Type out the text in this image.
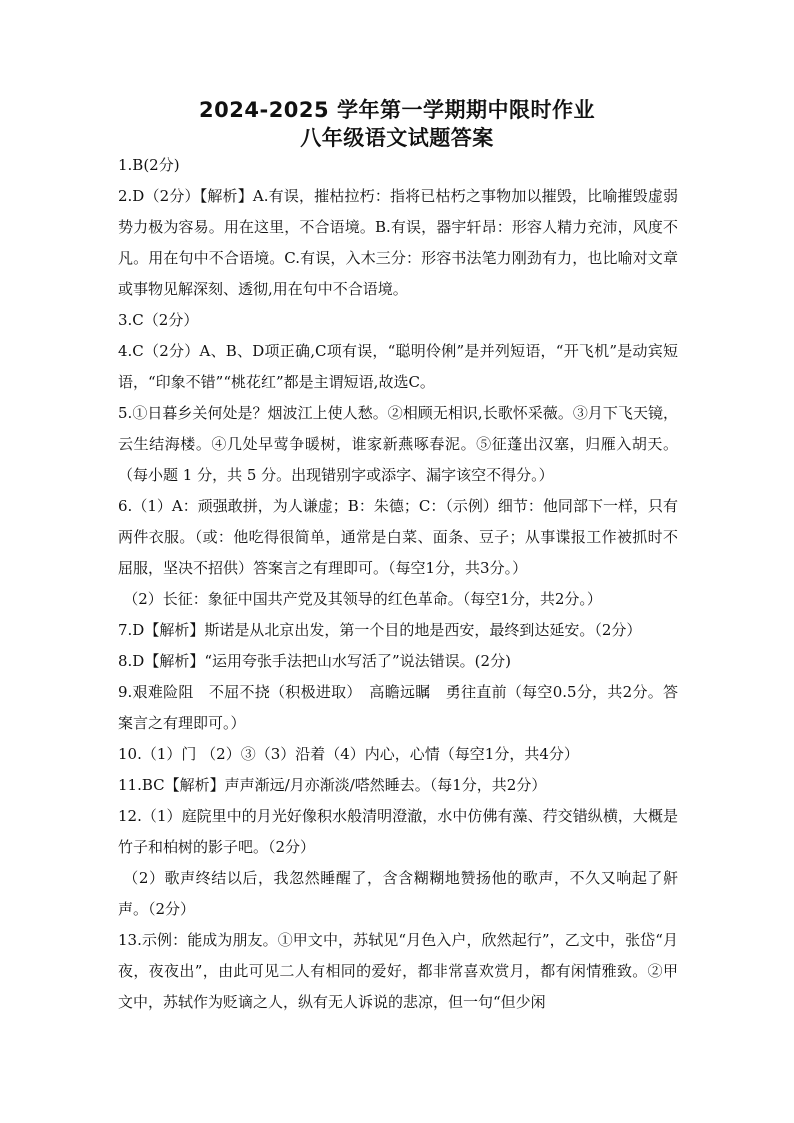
2024-2025 学年第一学期期中限时作业

八年级语文试题答案

1.B(2分)

2.D（2分）【解析】A.有误，摧枯拉朽：指将已枯朽之事物加以摧毁，比喻摧毁虚弱势力极为容易。用在这里，不合语境。B.有误，器宇轩昂：形容人精力充沛，风度不凡。用在句中不合语境。C.有误，入木三分：形容书法笔力刚劲有力，也比喻对文章或事物见解深刻、透彻,用在句中不合语境。

3.C（2分）

4.C（2分）A、B、D项正确,C项有误，“聪明伶俐”是并列短语，“开飞机”是动宾短语，“印象不错”“桃花红”都是主谓短语,故选C。

5.①日暮乡关何处是？烟波江上使人愁。②相顾无相识,长歌怀采薇。③月下飞天镜，云生结海楼。④几处早莺争暖树，谁家新燕啄春泥。⑤征蓬出汉塞，归雁入胡天。（每小题 1 分，共 5 分。出现错别字或添字、漏字该空不得分。）

6.（1）A：顽强敢拼，为人谦虚；B：朱德；C：（示例）细节：他同部下一样，只有两件衣服。（或：他吃得很简单，通常是白菜、面条、豆子；从事谍报工作被抓时不屈服，坚决不招供）答案言之有理即可。（每空1分，共3分。）

（2）长征：象征中国共产党及其领导的红色革命。（每空1分，共2分。）

7.D【解析】斯诺是从北京出发，第一个目的地是西安，最终到达延安。（2分）

8.D【解析】“运用夸张手法把山水写活了”说法错误。(2分)

9.艰难险阻　不屈不挠（积极进取）　高瞻远瞩　勇往直前（每空0.5分，共2分。答案言之有理即可。）

10.（1）门 （2）③（3）沿着（4）内心，心情（每空1分，共4分）

11.BC【解析】声声渐远/月亦渐淡/嗒然睡去。（每1分，共2分）

12.（1）庭院里中的月光好像积水般清明澄澈，水中仿佛有藻、荇交错纵横，大概是竹子和柏树的影子吧。（2分）

（2）歌声终结以后，我忽然睡醒了，含含糊糊地赞扬他的歌声，不久又响起了鼾声。（2分）

13.示例：能成为朋友。①甲文中，苏轼见“月色入户，欣然起行”，乙文中，张岱“月夜，夜夜出”，由此可见二人有相同的爱好，都非常喜欢赏月，都有闲情雅致。②甲文中，苏轼作为贬谪之人，纵有无人诉说的悲凉，但一句“但少闲
